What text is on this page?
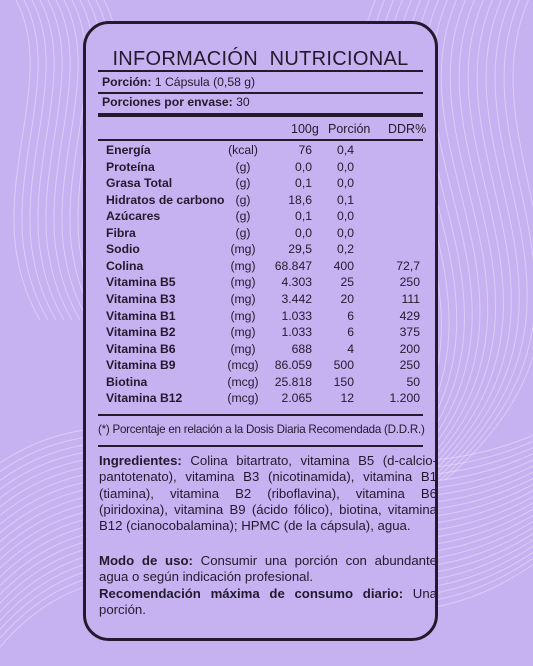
INFORMACIÓN  NUTRICIONAL
Porción: 1 Cápsula (0,58 g)
Porciones por envase: 30
100g Porción DDR%
Energía	(kcal)	76 0,4
Proteína	(g)	0,0 0,0
Grasa Total	(g)	0,1 0,0
Hidratos de carbono (g)	18,6 0,1
Azúcares	(g)	0,1 0,0
Fibra	(g)	0,0 0,0
Sodio	(mg)	29,5 0,2
Colina	(mg)	68.847 400	72,7
Vitamina B5	(mg)	4.303 25	250
Vitamina B3	(mg)	3.442 20	111
Vitamina B1	(mg)	1.033	6	429
Vitamina B2	(mg)	1.033	6	375
Vitamina B6	(mg)	688	4	200
Vitamina B9	(mcg)	86.059 500	250
Biotina	(mcg)	25.818 150	50
Vitamina B12	(mcg)	2.065 12	1.200
(*) Porcentaje en relación a la Dosis Diaria Recomendada (D.D.R.)
Ingredientes: Colina bitartrato, vitamina B5 (d-calcio-pantotenato), vitamina B3 (nicotinamida), vitamina B1 (tiamina), vitamina B2 (riboflavina), vitamina B6 (piridoxina), vitamina B9 (ácido fólico), biotina, vitamina B12 (cianocobalamina); HPMC (de la cápsula), agua.
Modo de uso: Consumir una porción con abundante agua o según indicación profesional.
Recomendación máxima de consumo diario: Una porción.
